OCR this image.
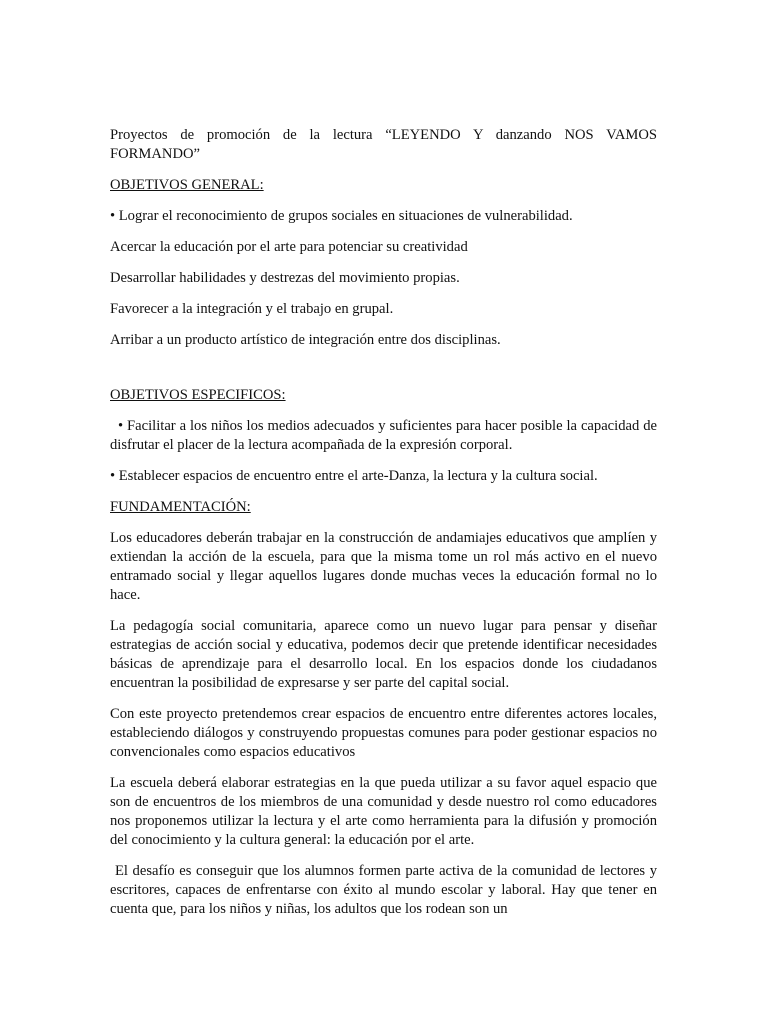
Proyectos de promoción de la lectura “LEYENDO Y danzando NOS VAMOS FORMANDO”

OBJETIVOS GENERAL:

• Lograr el reconocimiento de grupos sociales en situaciones de vulnerabilidad.

Acercar la educación por el arte para potenciar su creatividad

Desarrollar habilidades y destrezas del movimiento propias.

Favorecer a la integración y el trabajo en grupal.

Arribar a un producto artístico de integración entre dos disciplinas.

OBJETIVOS ESPECIFICOS:

• Facilitar a los niños los medios adecuados y suficientes para hacer posible la capacidad de disfrutar el placer de la lectura acompañada de la expresión corporal.

• Establecer espacios de encuentro entre el arte-Danza, la lectura y la cultura social.

FUNDAMENTACIÓN:

Los educadores deberán trabajar en la construcción de andamiajes educativos que amplíen y extiendan la acción de la escuela, para que la misma tome un rol más activo en el nuevo entramado social y llegar aquellos lugares donde muchas veces la educación formal no lo hace.

La pedagogía social comunitaria, aparece como un nuevo lugar para pensar y diseñar estrategias de acción social y educativa, podemos decir que pretende identificar necesidades básicas de aprendizaje para el desarrollo local. En los espacios donde los ciudadanos encuentran la posibilidad de expresarse y ser parte del capital social.

Con este proyecto pretendemos crear espacios de encuentro entre diferentes actores locales, estableciendo diálogos y construyendo propuestas comunes para poder gestionar espacios no convencionales como espacios educativos

La escuela deberá elaborar estrategias en la que pueda utilizar a su favor aquel espacio que son de encuentros de los miembros de una comunidad y desde nuestro rol como educadores nos proponemos utilizar la lectura y el arte como herramienta para la difusión y promoción del conocimiento y la cultura general: la educación por el arte.

El desafío es conseguir que los alumnos formen parte activa de la comunidad de lectores y escritores, capaces de enfrentarse con éxito al mundo escolar y laboral. Hay que tener en cuenta que, para los niños y niñas, los adultos que los rodean son un
